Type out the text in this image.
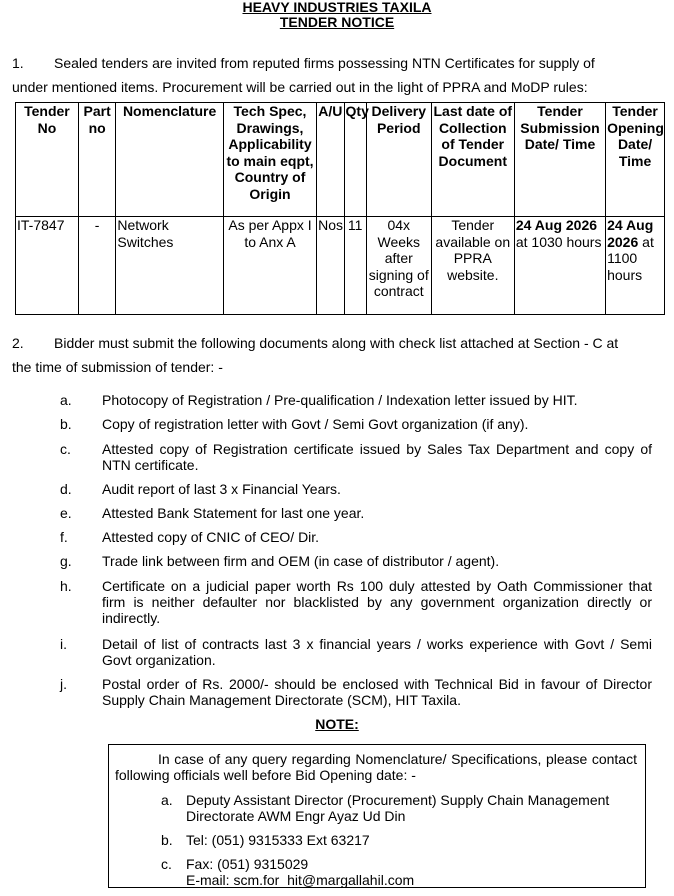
HEAVY INDUSTRIES TAXILA
TENDER NOTICE
1. Sealed tenders are invited from reputed firms possessing NTN Certificates for supply of
under mentioned items. Procurement will be carried out in the light of PPRA and MoDP rules:
Tender No	Part no	Nomenclature	Tech Spec, Drawings, Applicability to main eqpt, Country of Origin	A/U	Qty	Delivery Period	Last date of Collection of Tender Document	Tender Submission Date/ Time	Tender Opening Date/ Time
IT-7847	-	Network Switches	As per Appx I to Anx A	Nos	11	04x Weeks after signing of contract	Tender available on PPRA website.	24 Aug 2026 at 1030 hours	24 Aug 2026 at 1100 hours
2. Bidder must submit the following documents along with check list attached at Section - C at
the time of submission of tender: -
a. Photocopy of Registration / Pre-qualification / Indexation letter issued by HIT.
b. Copy of registration letter with Govt / Semi Govt organization (if any).
c. Attested copy of Registration certificate issued by Sales Tax Department and copy of NTN certificate.
d. Audit report of last 3 x Financial Years.
e. Attested Bank Statement for last one year.
f. Attested copy of CNIC of CEO/ Dir.
g. Trade link between firm and OEM (in case of distributor / agent).
h. Certificate on a judicial paper worth Rs 100 duly attested by Oath Commissioner that firm is neither defaulter nor blacklisted by any government organization directly or indirectly.
i.	Detail of list of contracts last 3 x financial years / works experience with Govt / Semi Govt organization.
j.	Postal order of Rs. 2000/- should be enclosed with Technical Bid in favour of Director Supply Chain Management Directorate (SCM), HIT Taxila.
NOTE:
In case of any query regarding Nomenclature/ Specifications, please contact following officials well before Bid Opening date: -
a. Deputy Assistant Director (Procurement) Supply Chain Management Directorate AWM Engr Ayaz Ud Din
b. Tel: (051) 9315333 Ext 63217
c. Fax: (051) 9315029
E-mail: scm.for_hit@margallahil.com
